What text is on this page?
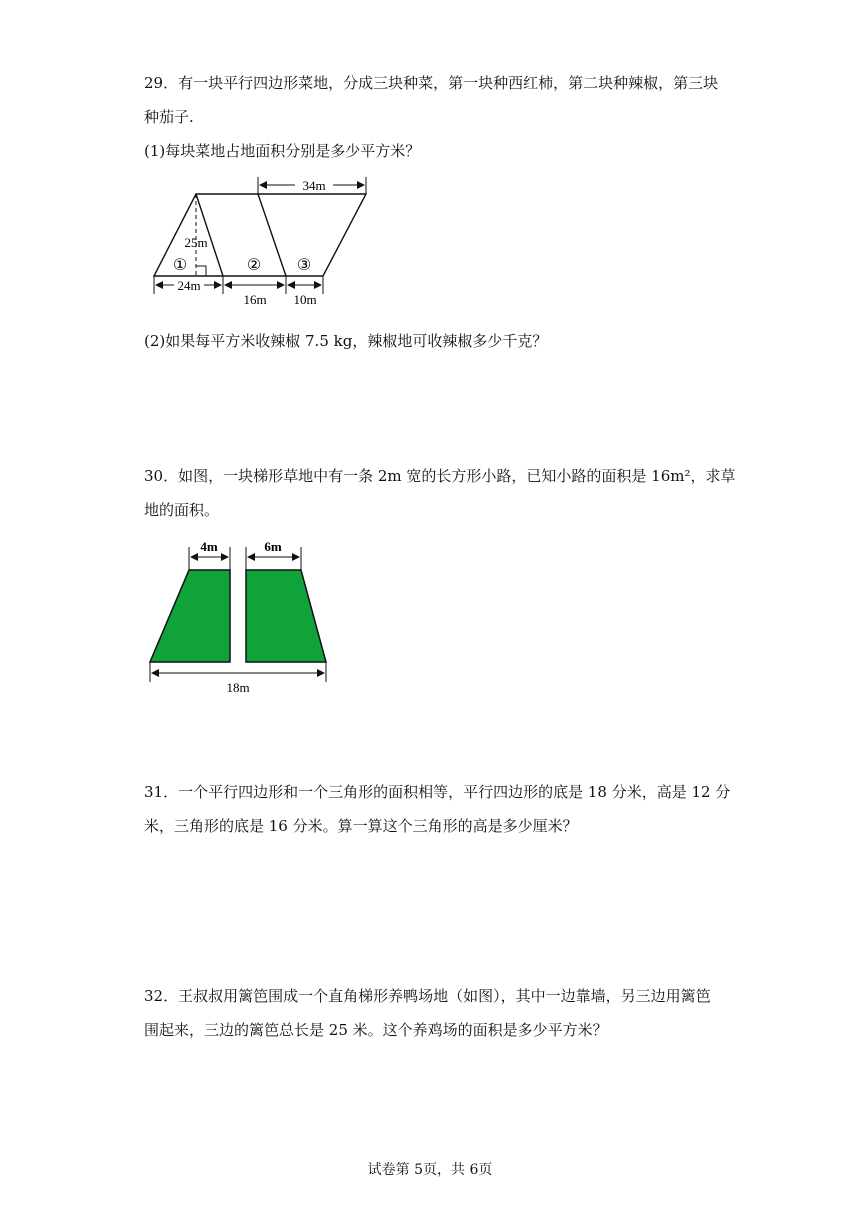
29．有一块平行四边形菜地，分成三块种菜，第一块种西红柿，第二块种辣椒，第三块
种茄子.
(1)每块菜地占地面积分别是多少平方米？
34m
25m
①	② ③
24m
16m 10m
(2)如果每平方米收辣椒 7.5 kg，辣椒地可收辣椒多少千克？
30．如图，一块梯形草地中有一条 2m 宽的长方形小路，已知小路的面积是 16m²，求草
地的面积。
4m	6m
18m
31．一个平行四边形和一个三角形的面积相等，平行四边形的底是 18 分米，高是 12 分
米，三角形的底是 16 分米。算一算这个三角形的高是多少厘米？
32．王叔叔用篱笆围成一个直角梯形养鸭场地（如图），其中一边靠墙，另三边用篱笆
围起来，三边的篱笆总长是 25 米。这个养鸡场的面积是多少平方米？
试卷第 5页，共 6页
